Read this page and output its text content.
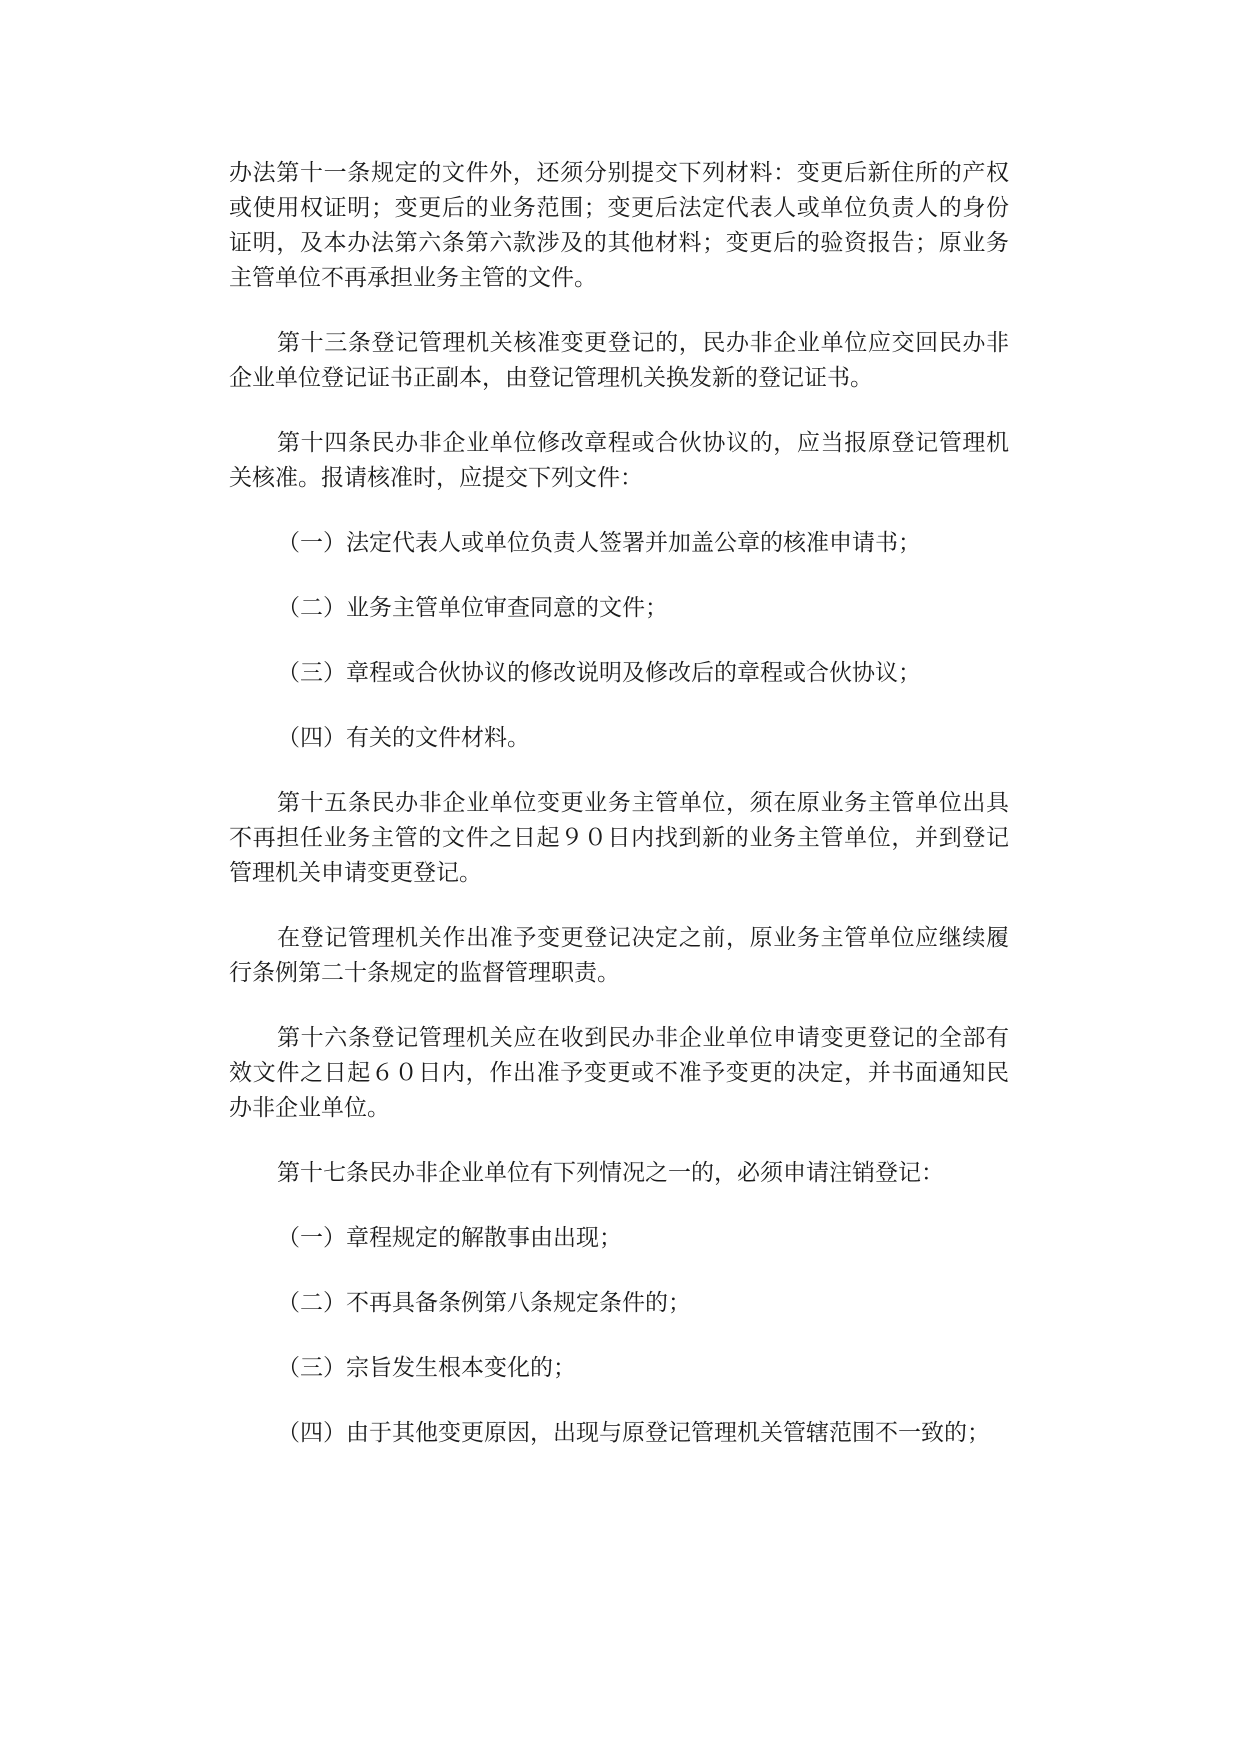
办法第十一条规定的文件外，还须分别提交下列材料：变更后新住所的产权或使用权证明；变更后的业务范围；变更后法定代表人或单位负责人的身份证明，及本办法第六条第六款涉及的其他材料；变更后的验资报告；原业务主管单位不再承担业务主管的文件。

第十三条登记管理机关核准变更登记的，民办非企业单位应交回民办非企业单位登记证书正副本，由登记管理机关换发新的登记证书。

第十四条民办非企业单位修改章程或合伙协议的，应当报原登记管理机关核准。报请核准时，应提交下列文件：

（一）法定代表人或单位负责人签署并加盖公章的核准申请书；

（二）业务主管单位审查同意的文件；

（三）章程或合伙协议的修改说明及修改后的章程或合伙协议；

（四）有关的文件材料。

第十五条民办非企业单位变更业务主管单位，须在原业务主管单位出具不再担任业务主管的文件之日起９０日内找到新的业务主管单位，并到登记管理机关申请变更登记。

在登记管理机关作出准予变更登记决定之前，原业务主管单位应继续履行条例第二十条规定的监督管理职责。

第十六条登记管理机关应在收到民办非企业单位申请变更登记的全部有效文件之日起６０日内，作出准予变更或不准予变更的决定，并书面通知民办非企业单位。

第十七条民办非企业单位有下列情况之一的，必须申请注销登记：

（一）章程规定的解散事由出现；

（二）不再具备条例第八条规定条件的；

（三）宗旨发生根本变化的；

（四）由于其他变更原因，出现与原登记管理机关管辖范围不一致的；
